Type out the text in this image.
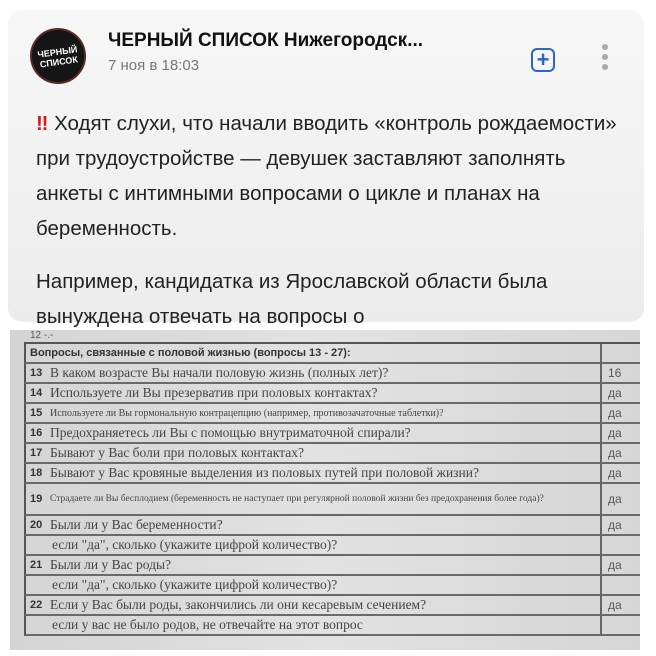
ЧЕРНЫЙ СПИСОК
ЧЕРНЫЙ СПИСОК Нижегородск...
7 ноя в 18:03	+
‼ Ходят слухи, что начали вводить «контроль рождаемости» при трудоустройстве — девушек заставляют заполнять анкеты с интимными вопросами о цикле и планах на беременность.
Например, кандидатка из Ярославской области была вынуждена отвечать на вопросы о
12 -.-
Вопросы, связанные с половой жизнью (вопросы 13 - 27):
13 В каком возрасте Вы начали половую жизнь (полных лет)?	16
14 Используете ли Вы презерватив при половых контактах?	да
15 Используете ли Вы гормональную контрацепцию (например, противозачаточные таблетки)?	да
16 Предохраняетесь ли Вы с помощью внутриматочной спирали?	да
17 Бывают у Вас боли при половых контактах?	да
18 Бывают у Вас кровяные выделения из половых путей при половой жизни?	да
19 Страдаете ли Вы бесплодием (беременность не наступает при регулярной половой жизни без предохранения более года)?	да
20 Были ли у Вас беременности?	да
если "да", сколько (укажите цифрой количество)?
21 Были ли у Вас роды?	да
если "да", сколько (укажите цифрой количество)?
22 Если у Вас были роды, закончились ли они кесаревым сечением?	да
если у вас не было родов, не отвечайте на этот вопрос
